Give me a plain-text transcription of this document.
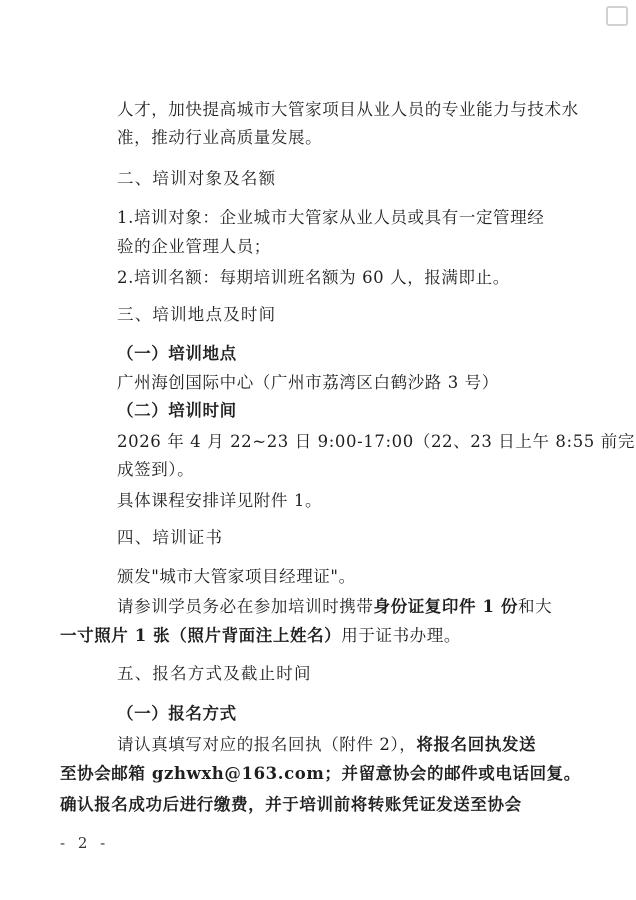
人才，加快提高城市大管家项目从业人员的专业能力与技术水
准，推动行业高质量发展。
二、培训对象及名额
1.培训对象：企业城市大管家从业人员或具有一定管理经
验的企业管理人员；
2.培训名额：每期培训班名额为 60 人，报满即止。
三、培训地点及时间
（一）培训地点
广州海创国际中心（广州市荔湾区白鹤沙路 3 号）
（二）培训时间
2026 年 4 月 22~23 日 9:00-17:00（22、23 日上午 8:55 前完
成签到）。
具体课程安排详见附件 1。
四、培训证书
颁发"城市大管家项目经理证"。
请参训学员务必在参加培训时携带身份证复印件 1 份和大
一寸照片 1 张（照片背面注上姓名）用于证书办理。
五、报名方式及截止时间
（一）报名方式
请认真填写对应的报名回执（附件 2），将报名回执发送
至协会邮箱 gzhwxh@163.com；并留意协会的邮件或电话回复。
确认报名成功后进行缴费，并于培训前将转账凭证发送至协会
- 2 -
